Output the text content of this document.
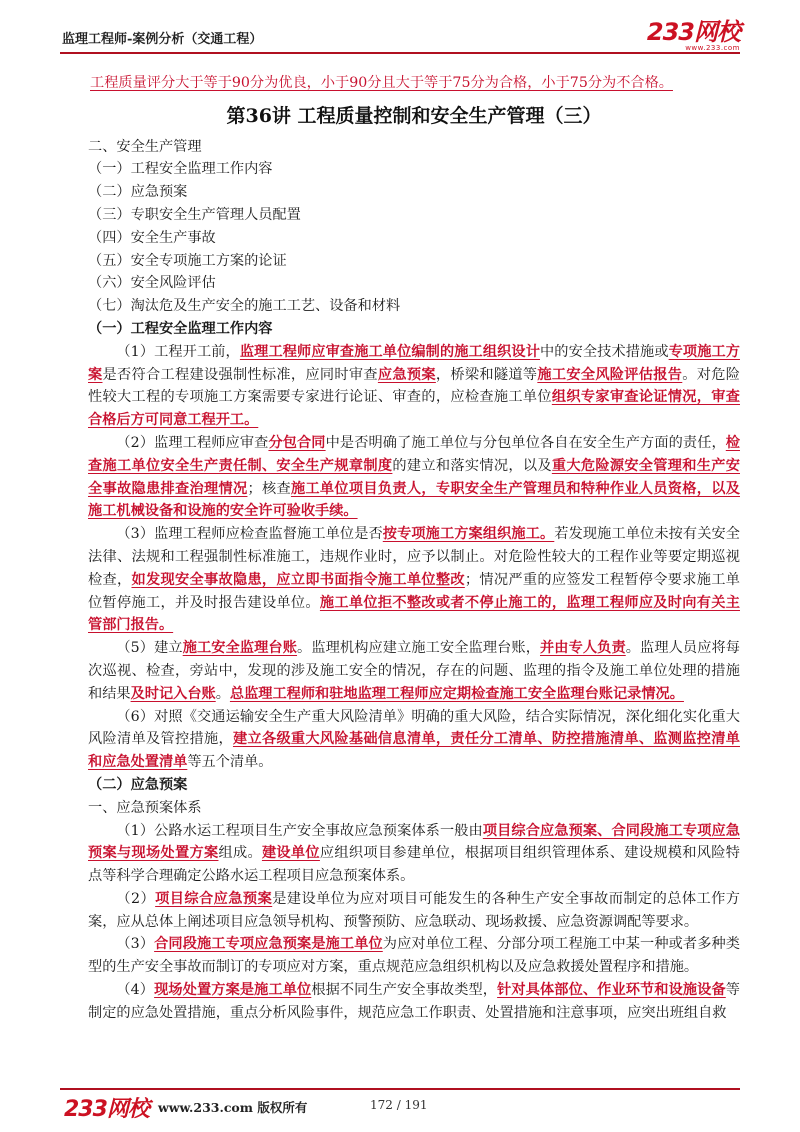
监理工程师-案例分析（交通工程）	233网校
www.233.com

工程质量评分大于等于90分为优良，小于90分且大于等于75分为合格，小于75分为不合格。

第36讲 工程质量控制和安全生产管理（三）

二、安全生产管理

（一）工程安全监理工作内容

（二）应急预案

（三）专职安全生产管理人员配置

（四）安全生产事故

（五）安全专项施工方案的论证

（六）安全风险评估

（七）淘汰危及生产安全的施工工艺、设备和材料

（一）工程安全监理工作内容

（1）工程开工前，监理工程师应审查施工单位编制的施工组织设计中的安全技术措施或专项施工方案是否符合工程建设强制性标准，应同时审查应急预案，桥梁和隧道等施工安全风险评估报告。对危险性较大工程的专项施工方案需要专家进行论证、审查的，应检查施工单位组织专家审查论证情况，审查合格后方可同意工程开工。

（2）监理工程师应审查分包合同中是否明确了施工单位与分包单位各自在安全生产方面的责任，检查施工单位安全生产责任制、安全生产规章制度的建立和落实情况，以及重大危险源安全管理和生产安全事故隐患排查治理情况；核查施工单位项目负责人，专职安全生产管理员和特种作业人员资格，以及施工机械设备和设施的安全许可验收手续。

（3）监理工程师应检查监督施工单位是否按专项施工方案组织施工。若发现施工单位未按有关安全法律、法规和工程强制性标准施工，违规作业时，应予以制止。对危险性较大的工程作业等要定期巡视检查，如发现安全事故隐患，应立即书面指令施工单位整改；情况严重的应签发工程暂停令要求施工单位暂停施工，并及时报告建设单位。施工单位拒不整改或者不停止施工的，监理工程师应及时向有关主管部门报告。

（5）建立施工安全监理台账。监理机构应建立施工安全监理台账，并由专人负责。监理人员应将每次巡视、检查，旁站中，发现的涉及施工安全的情况，存在的问题、监理的指令及施工单位处理的措施和结果及时记入台账。总监理工程师和驻地监理工程师应定期检查施工安全监理台账记录情况。

（6）对照《交通运输安全生产重大风险清单》明确的重大风险，结合实际情况，深化细化实化重大风险清单及管控措施，建立各级重大风险基础信息清单，责任分工清单、防控措施清单、监测监控清单和应急处置清单等五个清单。

（二）应急预案

一、应急预案体系

（1）公路水运工程项目生产安全事故应急预案体系一般由项目综合应急预案、合同段施工专项应急预案与现场处置方案组成。建设单位应组织项目参建单位，根据项目组织管理体系、建设规模和风险特点等科学合理确定公路水运工程项目应急预案体系。

（2）项目综合应急预案是建设单位为应对项目可能发生的各种生产安全事故而制定的总体工作方案，应从总体上阐述项目应急领导机构、预警预防、应急联动、现场救援、应急资源调配等要求。

（3）合同段施工专项应急预案是施工单位为应对单位工程、分部分项工程施工中某一种或者多种类型的生产安全事故而制订的专项应对方案，重点规范应急组织机构以及应急救援处置程序和措施。

（4）现场处置方案是施工单位根据不同生产安全事故类型，针对具体部位、作业环节和设施设备等制定的应急处置措施，重点分析风险事件，规范应急工作职责、处置措施和注意事项，应突出班组自救

233网校 www.233.com 版权所有	172 / 191
